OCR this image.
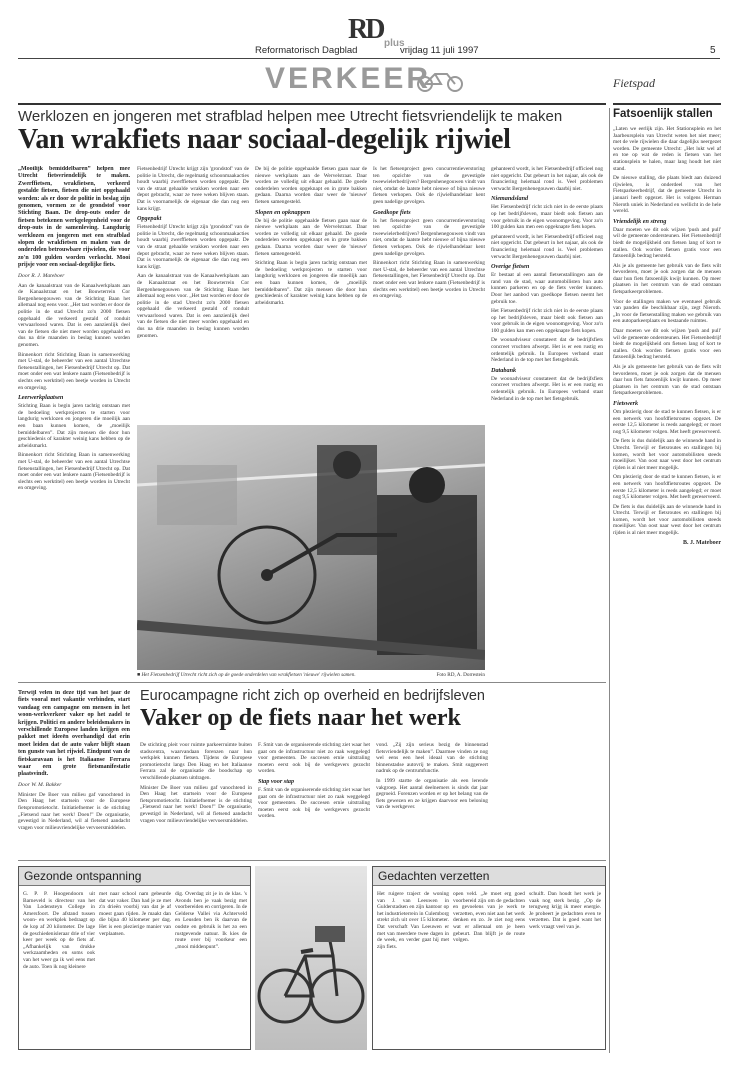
RD plus
Reformatorisch Dagblad	vrijdag 11 juli 1997	5
VERKEER	Fietspad
Werklozen en jongeren met strafblad helpen mee Utrecht fietsvriendelijk te maken
Van wrakfiets naar sociaal-degelijk rijwiel

„Mooilijk bemiddelbaren” helpen mee Utrecht fietsvriendelijk te maken. Zwerffietsen, wrakfietsen, verkeerd gestalde fietsen, fietsen die niet opgehaald worden: als er door de politie in beslag zijn genomen, vormen ze de grondstof voor Stichting Baan. De drop-outs onder de fietsen betekenen werkgelegenheid voor de drop-outs in de samenleving. Langdurig werklozen en jongeren met een strafblad slopen de wrakfietsen en maken van de onderdelen betrouwbare rijwielen, die voor zo'n 100 gulden worden verkocht. Mooi prijsje voor een sociaal-degelijke fiets.

Door R. J. Mateboer

Aan de kanaalstraat van de Kanaalwerkplaats aan de Kanaalstraat en het Bouwterrein Cor Bergenhenegouwen van de Stichting Baan het allemaal nog eens voor. „Het tast worden er door de politie in de stad Utrecht zo'n 2000 fietsen opgehaald die verkeerd gestald of ronduit verwaarloosd waren. Dat is een aanzienlijk deel van de fietsen die niet meer worden opgehaald en dus na drie maanden in beslag kunnen worden genomen.

Binnenkort richt Stichting Baan in samenwerking met U-stal, de beheerder van een aantal Utrechtse fietsenstallingen, het Fietsenbedrijf Utrecht op. Dat moet onder een wat lenkere naam (Fietsenbedrijf is slechts een werktitel) een beetje worden in Utrecht en omgeving.

Leerwerkplaatsen

Stichting Baan is begin jaren tachtig ontstaan met de bedoeling werkprojecten te starten voor langdurig werklozen en jongeren die moeilijk aan een baan kunnen komen, de „moeilijk bemiddelbaren”. Dat zijn mensen die door hun geschiedenis of karakter weinig kans hebben op de arbeidsmarkt.

Binnenkort richt Stichting Baan in samenwerking met U-stal, de beheerder van een aantal Utrechtse fietsenstallingen, het Fietsenbedrijf Utrecht op. Dat moet onder een wat lenkere naam (Fietsenbedrijf is slechts een werktitel) een beetje worden in Utrecht en omgeving.

Fietsenbedrijf Utrecht krijgt zijn 'grondstof' van de politie in Utrecht, die regelmatig schoonmaakacties houdt waarbij zwerffietsen worden opgepakt. De van de straat gehaalde wrakken worden naar een depot gebracht, waar ze twee weken blijven staan. Dat is voornamelijk de eigenaar die dan nog een kans krijgt.

Opgepakt

Fietsenbedrijf Utrecht krijgt zijn 'grondstof' van de politie in Utrecht, die regelmatig schoonmaakacties houdt waarbij zwerffietsen worden opgepakt. De van de straat gehaalde wrakken worden naar een depot gebracht, waar ze twee weken blijven staan. Dat is voornamelijk de eigenaar die dan nog een kans krijgt.

Aan de kanaalstraat van de Kanaalwerkplaats aan de Kanaalstraat en het Bouwterrein Cor Bergenhenegouwen van de Stichting Baan het allemaal nog eens voor. „Het tast worden er door de politie in de stad Utrecht zo'n 2000 fietsen opgehaald die verkeerd gestald of ronduit verwaarloosd waren. Dat is een aanzienlijk deel van de fietsen die niet meer worden opgehaald en dus na drie maanden in beslag kunnen worden genomen.

De bij de politie opgehaalde fietsen gaan naar de nieuwe werkplaats aan de Wervelstraat. Daar worden ze volledig uit elkaar gehaald. De goede onderdelen worden opgeknapt en in grote bakken gedaan. Daarna worden daar weer de 'nieuwe' fietsen samengesteld.

Slopen en opknappen

De bij de politie opgehaalde fietsen gaan naar de nieuwe werkplaats aan de Wervelstraat. Daar worden ze volledig uit elkaar gehaald. De goede onderdelen worden opgeknapt en in grote bakken gedaan. Daarna worden daar weer de 'nieuwe' fietsen samengesteld.

Stichting Baan is begin jaren tachtig ontstaan met de bedoeling werkprojecten te starten voor langdurig werklozen en jongeren die moeilijk aan een baan kunnen komen, de „moeilijk bemiddelbaren”. Dat zijn mensen die door hun geschiedenis of karakter weinig kans hebben op de arbeidsmarkt.

Is het fietsenproject geen concurrentieverstoring ten opzichte van de gevestigde tweewielerbedrijven? Bergenhenegouwen vindt van niet, omdat de laatste hebt nieuwe of bijna nieuwe fietsen verkopen. Ook de rijwielhandelaar kent geen nadelige gevolgen.

Goedkope fiets

Is het fietsenproject geen concurrentieverstoring ten opzichte van de gevestigde tweewielerbedrijven? Bergenhenegouwen vindt van niet, omdat de laatste hebt nieuwe of bijna nieuwe fietsen verkopen. Ook de rijwielhandelaar kent geen nadelige gevolgen.

Binnenkort richt Stichting Baan in samenwerking met U-stal, de beheerder van een aantal Utrechtse fietsenstallingen, het Fietsenbedrijf Utrecht op. Dat moet onder een wat lenkere naam (Fietsenbedrijf is slechts een werktitel) een beetje worden in Utrecht en omgeving.

gehanteerd wordt, is het Fietsenbedrijf officieel nog niet opgericht. Dat gebeurt in het najaar, als ook de financiering helemaal rond is. Veel problemen verwacht Bergenhenegouwen daarbij niet.

Niemandsland

Het Fietsenbedrijf richt zich niet in de eerste plaats op het bedrijfsleven, maar biedt ook fietsen aan voor gebruik in de eigen woonomgeving. Voor zo'n 100 gulden kan men een opgeknapte fiets kopen.

gehanteerd wordt, is het Fietsenbedrijf officieel nog niet opgericht. Dat gebeurt in het najaar, als ook de financiering helemaal rond is. Veel problemen verwacht Bergenhenegouwen daarbij niet.

Overige fietsen

Er bestaat al een aantal fietsenstallingen aan de rand van de stad, waar automobilisten hun auto kunnen parkeren en op de fiets verder kunnen. Door het aanbod van goedkope fietsen neemt het gebruik toe.

Het Fietsenbedrijf richt zich niet in de eerste plaats op het bedrijfsleven, maar biedt ook fietsen aan voor gebruik in de eigen woonomgeving. Voor zo'n 100 gulden kan men een opgeknapte fiets kopen.

De woonadviseur constateert dat de bedrijfsfiets concreet vruchten afwerpt. Het is er een rustig en ordentelijk gebruik. In Europees verband staat Nederland in de top met het fietsgebruik.

Databank

De woonadviseur constateert dat de bedrijfsfiets concreet vruchten afwerpt. Het is er een rustig en ordentelijk gebruik. In Europees verband staat Nederland in de top met het fietsgebruik.

■ Het Fietsenbedrijf Utrecht richt zich op de goede onderdelen van wrakfietsen 'nieuwe' rijwielen samen.	Foto RD, A. Dorrestein

Terwijl velen in deze tijd van het jaar de fiets vooral met vakantie verbinden, start vandaag een campagne om mensen in het woon-werkverkeer vaker op het zadel te krijgen. Politici en andere beleidsmakers in verschillende Europese landen krijgen een pakket met ideeën overhandigd dat erin moet leiden dat de auto vaker blijft staan ten gunste van het rijwiel. Eindpunt van de fietskaravaan is het Italiaanse Ferrara waar een grote fietsmanifestatie plaatsvindt.

Door W. M. Bakker

Minister De Boer van milieu gaf vanochtend in Den Haag het startsein voor de Europese fietspromotietocht. Initiatiefnemer is de stichting „Fietsend naar het werk! Doen!” De organisatie, gevestigd in Nederland, wil al fietsend aandacht vragen voor milieuvriendelijke vervoersmiddelen.

Eurocampagne richt zich op overheid en bedrijfsleven
Vaker op de fiets naar het werk

De stichting pleit voor ruimte parkeerruimte buiten stadscentra, waarvandaan forenzen naar hun werkplek kunnen fietsen. Tijdens de Europese promotietocht langs Den Haag en het Italiaanse Ferrara zal de organisatie die boodschap op verschillende plaatsen uitdragen.

Minister De Boer van milieu gaf vanochtend in Den Haag het startsein voor de Europese fietspromotietocht. Initiatiefnemer is de stichting „Fietsend naar het werk! Doen!” De organisatie, gevestigd in Nederland, wil al fietsend aandacht vragen voor milieuvriendelijke vervoersmiddelen.

F. Smit van de organiserende stichting ziet waar het gaat om de infrastructuur niet zo raak weggelegd voor gemeenten. De succesen ernie uitstraling moeten eerst ook bij de werkgevers gezocht worden.

Stap voor stap

F. Smit van de organiserende stichting ziet waar het gaat om de infrastructuur niet zo raak weggelegd voor gemeenten. De succesen ernie uitstraling moeten eerst ook bij de werkgevers gezocht worden.

vond. „Zij zijn serieus bezig de binnenstad fietsvriendelijk te maken”. Daarmee vinden ze nog wel eens een heel ideaal van de stichting binnenstadse autovrij te maken. Smit suggereert nadruk op de centrumfunctie.

In 1999 startte de organisatie als een lerende vakgroep. Het aantal deelnemers is sinds dat jaar gegroeid. Forenzen worden er op het belang van de fiets gewezen en ze krijgen daarvoor een beloning van de werkgever.

Gezonde ontspanning

G. P. P. Hoogendoorn uit Barneveld is directeur van het Van Lodensteyn College in Amersfoort. De afstand tussen woon- en werkplek bedraagt op de kop af 20 kilometer. De lage de geschiedenisleraar drie of vier keer per week op de fiets af. „Afhankelijk van drukke werkzaamheden en soms ook van het weer ga ik wel eens met de auto. Toen ik nog kleinere

met naar school nam gebeurde dat wat vaker. Dan had je ze met z'n drieën voorbij van dat je af moest gaan rijden. Je maakt dan die bijna 40 kilometer per dag. Het is een plezierige manier van verplaatsen.

dig. Overdag zit je in de klas. 's Avonds ben je vaak bezig met voorbereiden en corrigeren. In de Gelderse Vallei via Achterveld en Leusden ben ik daarvan de oudste en gebruik is het zo een rustgevende natuur. Ik kies de route over bij voorkeur een „mooi middenpunt”.

Gedachten verzetten

Het ruigere traject de woning van J. van Leeuwen in Gulderstadsen en zijn kantoor op het industrieterrein in Culemborg strekt zich uit over 15 kilometer. Dat verschaft Van Leeuwen er met van meerdere twee dagen in de week, en verder gaat hij met zijn fiets.

open veld. „Je moet erg goed voorbereid zijn om de gedachten en gevoelens van je werk te verzetten, even niet aan het werk denken en zo. Je ziet nog eens wat er allemaal om je heen gebeurt. Dan blijft je de route volgen.

schuift. Dan houdt het werk je vaak nog sterk bezig. „Op de terugweg krijg ik meer energie. Je probeert je gedachten even te verzetten. Dat is goed want het werk vraagt veel van je.

Fatsoenlijk stallen

„Laten we eerlijk zijn. Het Stationsplein en het Jaarbeursplein van Utrecht weten het niet meer; met de vele rijwielen die daar dagelijks neergezet worden. De gemeente Utrecht: „Het lukt wel af en toe op wat de reden is fietsen van het stationsplein te halen, maar lang houdt het niet stand.

De nieuwe stalling, die plaats biedt aan duizend rijwielen, is onderdeel van het Fietsparkeerbedrijf, dat de gemeente Utrecht in januari heeft opgezet. Het is volgens Herman Nieroth uniek in Nederland en wellicht in de hele wereld.

Vriendelijk en streng

Daar moeten we dit ook wijzen 'push and pull' wil de gemeente ondersteunen. Het Fietsenbedrijf biedt de mogelijkheid om fietsen lang of kort te stallen. Ook worden fietsen gratis voor een fatsoenlijk bedrag hersteld.

Als je als gemeente het gebruik van de fiets wilt bevorderen, moet je ook zorgen dat de mensen daar hun fiets fatsoenlijk kwijt kunnen. Op meer plaatsen in het centrum van de stad ontstaan fietsparkeerproblemen.

Voor de stallingen maken we eventueel gebruik van panden die beschikbaar zijn, zegt Nieroth. „In voor de fietsenstalling maken we gebruik van een autoparkeerplaats en bestaande ruimtes.

Daar moeten we dit ook wijzen 'push and pull' wil de gemeente ondersteunen. Het Fietsenbedrijf biedt de mogelijkheid om fietsen lang of kort te stallen. Ook worden fietsen gratis voor een fatsoenlijk bedrag hersteld.

Als je als gemeente het gebruik van de fiets wilt bevorderen, moet je ook zorgen dat de mensen daar hun fiets fatsoenlijk kwijt kunnen. Op meer plaatsen in het centrum van de stad ontstaan fietsparkeerproblemen.

Fietswerk

Om plezierig door de stad te kunnen fietsen, is er een netwerk van hoofdfietsroutes opgezet. De eerste 12,5 kilometer is reeds aangelegd; er moet nog 9,5 kilometer volgen. Met heeft gereserveerd.

De fiets is dus duidelijk aan de winnende hand in Utrecht. Terwijl er fietsroutes en stallingen bij komen, wordt het voor automobilisten steeds moeilijker. Van oost naar west door het centrum rijden is al niet meer mogelijk.

Om plezierig door de stad te kunnen fietsen, is er een netwerk van hoofdfietsroutes opgezet. De eerste 12,5 kilometer is reeds aangelegd; er moet nog 9,5 kilometer volgen. Met heeft gereserveerd.

De fiets is dus duidelijk aan de winnende hand in Utrecht. Terwijl er fietsroutes en stallingen bij komen, wordt het voor automobilisten steeds moeilijker. Van oost naar west door het centrum rijden is al niet meer mogelijk.

B. J. Mateboer
